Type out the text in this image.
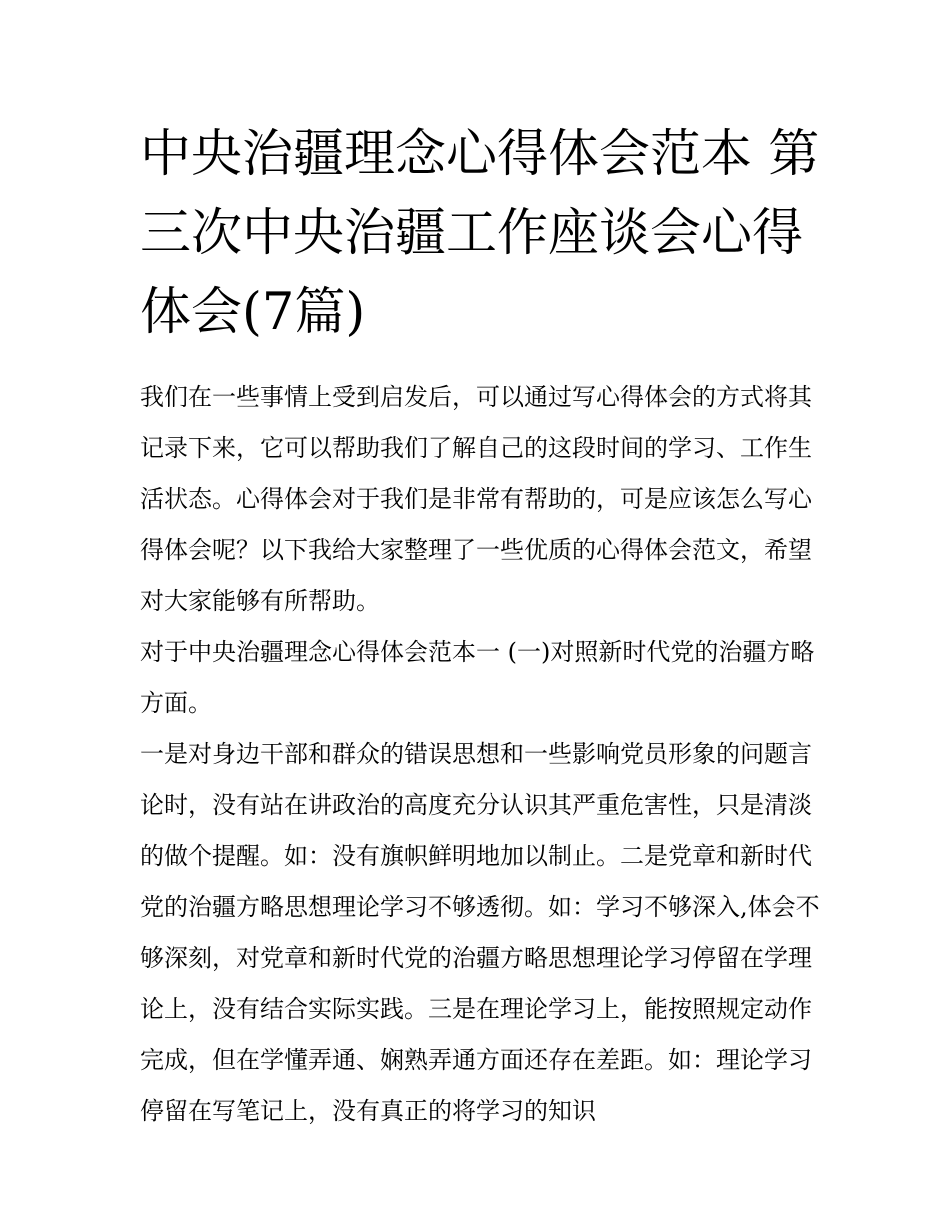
中央治疆理念心得体会范本 第三次中央治疆工作座谈会心得体会(7篇)

我们在一些事情上受到启发后，可以通过写心得体会的方式将其记录下来，它可以帮助我们了解自己的这段时间的学习、工作生活状态。心得体会对于我们是非常有帮助的，可是应该怎么写心得体会呢？以下我给大家整理了一些优质的心得体会范文，希望对大家能够有所帮助。

对于中央治疆理念心得体会范本一 (一)对照新时代党的治疆方略方面。

一是对身边干部和群众的错误思想和一些影响党员形象的问题言论时，没有站在讲政治的高度充分认识其严重危害性，只是清淡的做个提醒。如：没有旗帜鲜明地加以制止。二是党章和新时代党的治疆方略思想理论学习不够透彻。如：学习不够深入,体会不够深刻，对党章和新时代党的治疆方略思想理论学习停留在学理论上，没有结合实际实践。三是在理论学习上，能按照规定动作完成，但在学懂弄通、娴熟弄通方面还存在差距。如：理论学习停留在写笔记上，没有真正的将学习的知识
